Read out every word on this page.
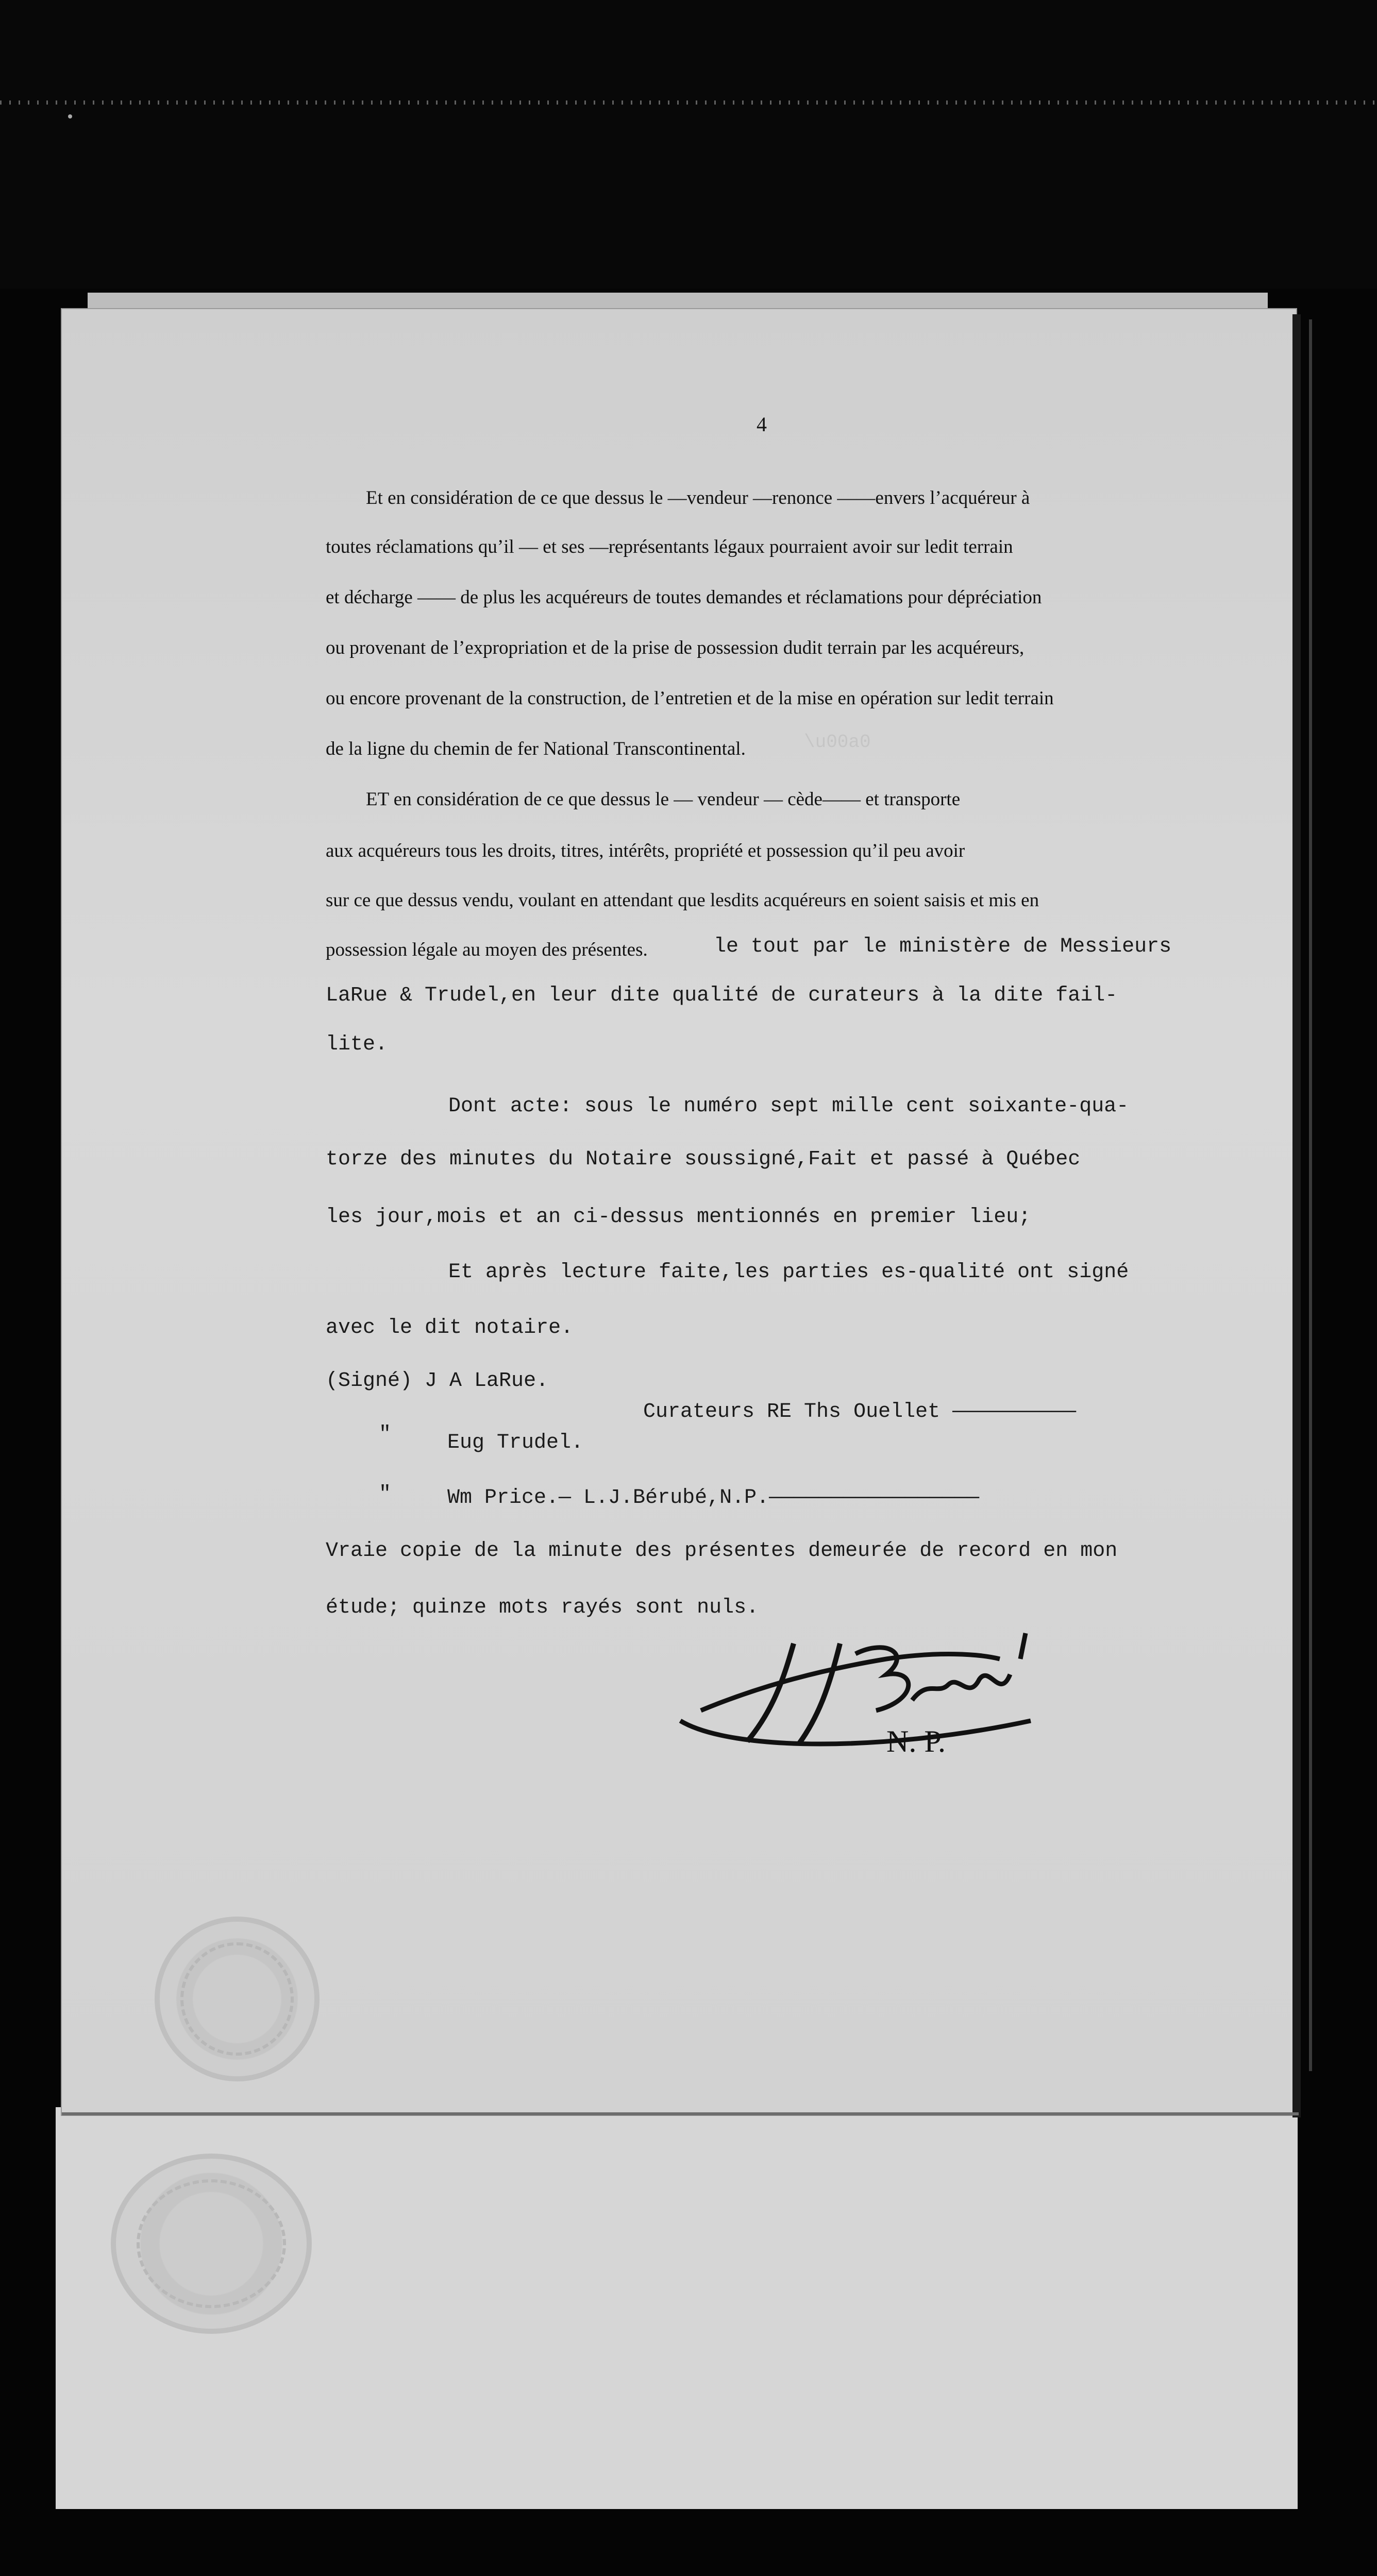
\u00a0
4
Et en considération de ce que dessus le —vendeur —renonce ——envers l’acquéreur à
toutes réclamations qu’il — et ses —représentants légaux pourraient avoir sur ledit terrain
et décharge —— de plus les acquéreurs de toutes demandes et réclamations pour dépréciation
ou provenant de l’expropriation et de la prise de possession dudit terrain par les acquéreurs,
ou encore provenant de la construction, de l’entretien et de la mise en opération sur ledit terrain
de la ligne du chemin de fer National Transcontinental.
ET en considération de ce que dessus le — vendeur — cède—— et transporte
aux acquéreurs tous les droits, titres, intérêts, propriété et possession qu’il peu avoir
sur ce que dessus vendu, voulant en attendant que lesdits acquéreurs en soient saisis et mis en
possession légale au moyen des présentes.	le tout par le ministère de Messieurs
LaRue & Trudel,en leur dite qualité de curateurs à la dite fail-
lite.
Dont acte: sous le numéro sept mille cent soixante-qua-
torze des minutes du Notaire soussigné,Fait et passé à Québec
les jour,mois et an ci-dessus mentionnés en premier lieu;
Et après lecture faite,les parties es-qualité ont signé
avec le dit notaire.
(Signé) J A LaRue.
Curateurs RE Ths Ouellet ——————————
"	Eug Trudel.
"	Wm Price.— L.J.Bérubé,N.P.—————————————————
Vraie copie de la minute des présentes demeurée de record en mon
étude; quinze mots rayés sont nuls.
N. P.
